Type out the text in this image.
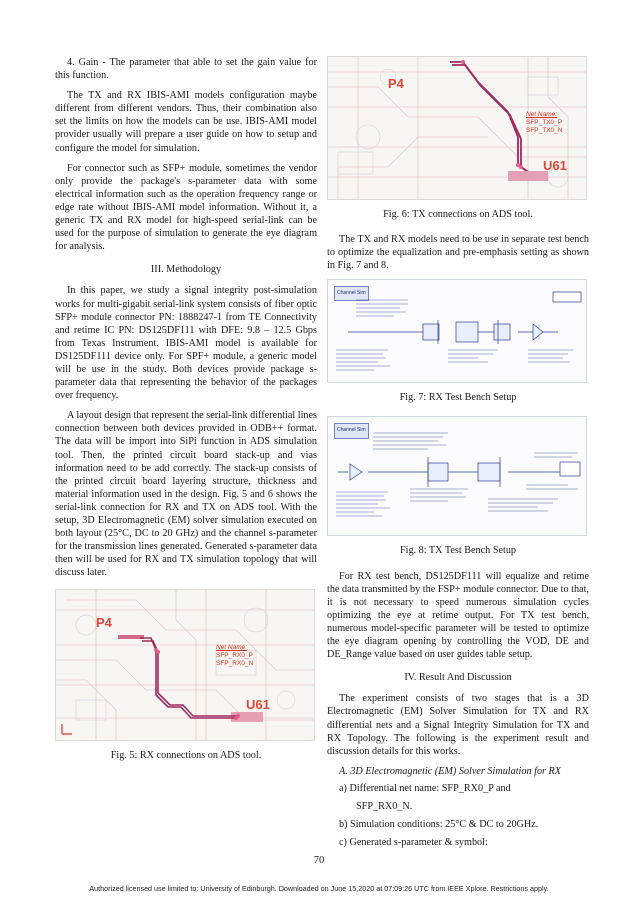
4. Gain - The parameter that able to set the gain value for this function.

The TX and RX IBIS-AMI models configuration maybe different from different vendors. Thus, their combination also set the limits on how the models can be use. IBIS-AMI model provider usually will prepare a user guide on how to setup and configure the model for simulation.

For connector such as SFP+ module, sometimes the vendor only provide the package's s-parameter data with some electrical information such as the operation frequency range or edge rate without IBIS-AMI model information. Without it, a generic TX and RX model for high-speed serial-link can be used for the purpose of simulation to generate the eye diagram for analysis.

III. Methodology

In this paper, we study a signal integrity post-simulation works for multi-gigabit serial-link system consists of fiber optic SFP+ module connector PN: 1888247-1 from TE Connectivity and retime IC PN: DS125DF111 with DFE: 9.8 – 12.5 Gbps from Texas Instrument. IBIS-AMI model is available for DS125DF111 device only. For SPF+ module, a generic model will be use in the study. Both devices provide package s-parameter data that representing the behavior of the packages over frequency.

A layout design that represent the serial-link differential lines connection between both devices provided in ODB++ format. The data will be import into SiPi function in ADS simulation tool. Then, the printed circuit board stack-up and vias information need to be add correctly. The stack-up consists of the printed circuit board layering structure, thickness and material information used in the design. Fig. 5 and 6 shows the serial-link connection for RX and TX on ADS tool. With the setup, 3D Electromagnetic (EM) solver simulation executed on both layout (25°C, DC to 20 GHz) and the channel s-parameter for the transmission lines generated. Generated s-parameter data then will be used for RX and TX simulation topology that will discuss later.

P4
U61
Net Name:
SFP_RX0_P
SFP_RX0_N
Fig. 5: RX connections on ADS tool.
P4
U61
Net Name:
SFP_TX0_P
SFP_TX0_N
Fig. 6: TX connections on ADS tool.

The TX and RX models need to be use in separate test bench to optimize the equalization and pre-emphasis setting as shown in Fig. 7 and 8.

Channel Sim
Fig. 7: RX Test Bench Setup
Channel Sim
Fig. 8: TX Test Bench Setup

For RX test bench, DS125DF111 will equalize and retime the data transmitted by the FSP+ module connector. Due to that, it is not necessary to speed numerous simulation cycles optimizing the eye at retime output. For TX test bench, numerous model-specific parameter will be tested to optimize the eye diagram opening by controlling the VOD, DE and DE_Range value based on user guides table setup.

IV. Result And Discussion

The experiment consists of two stages that is a 3D Electromagnetic (EM) Solver Simulation for TX and RX differential nets and a Signal Integrity Simulation for TX and RX Topology. The following is the experiment result and discussion details for this works.

A. 3D Electromagnetic (EM) Solver Simulation for RX
a) Differential net name: SFP_RX0_P and
SFP_RX0_N.
b) Simulation conditions: 25°C & DC to 20GHz.
c) Generated s-parameter & symbol:
70
Authorized licensed use limited to: University of Edinburgh. Downloaded on June 15,2020 at 07:09:26 UTC from IEEE Xplore. Restrictions apply.
